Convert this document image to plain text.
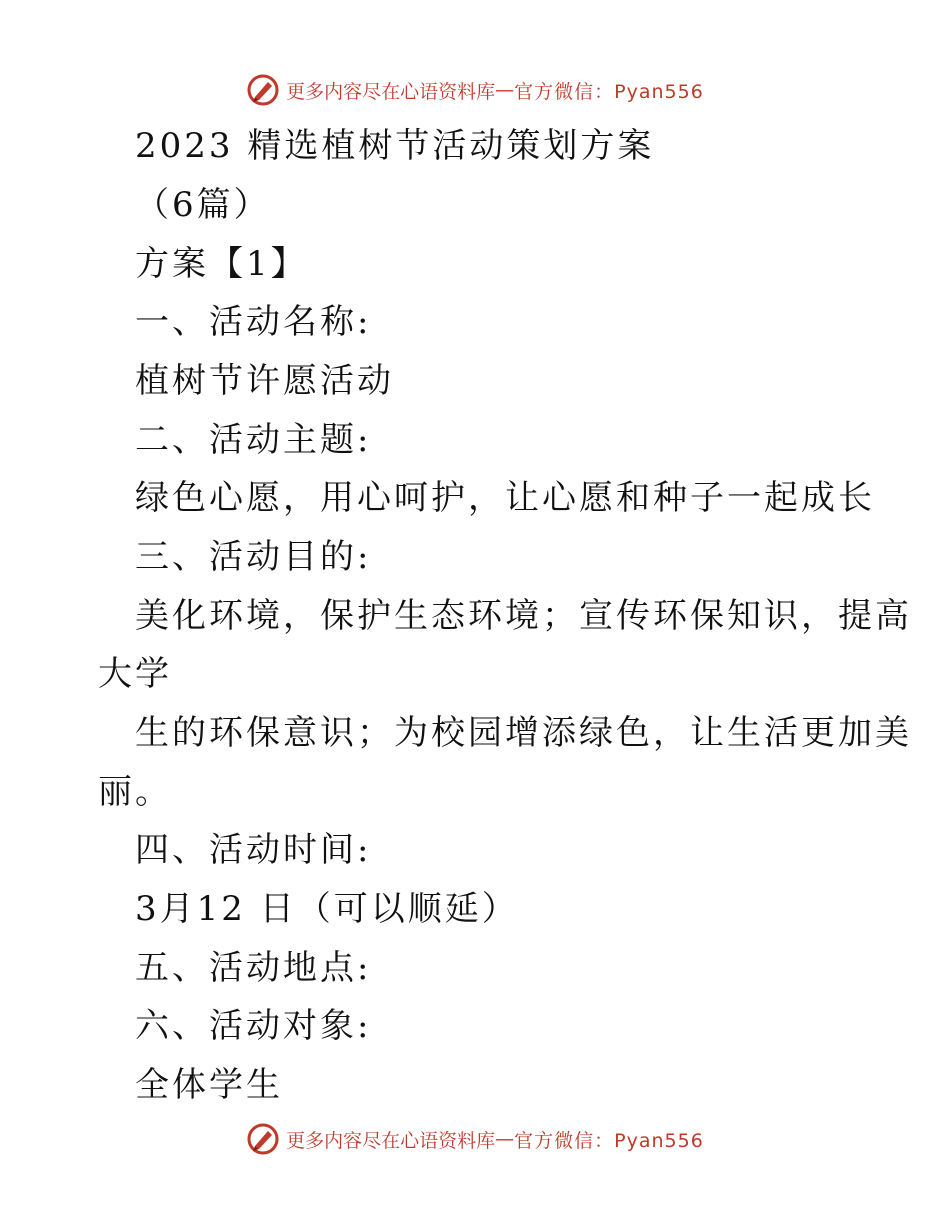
更多内容尽在心语资料库 — 官方微信：Pyan556
2023 精选植树节活动策划方案
（6篇）
方案【1】
一、活动名称:
植树节许愿活动
二、活动主题:
绿色心愿，用心呵护，让心愿和种子一起成长
三、活动目的:
美化环境，保护生态环境；宣传环保知识，提高
大学
生的环保意识；为校园增添绿色，让生活更加美
丽。
四、活动时间:
3月12 日（可以顺延）
五、活动地点:
六、活动对象:
全体学生
更多内容尽在心语资料库 — 官方微信：Pyan556
